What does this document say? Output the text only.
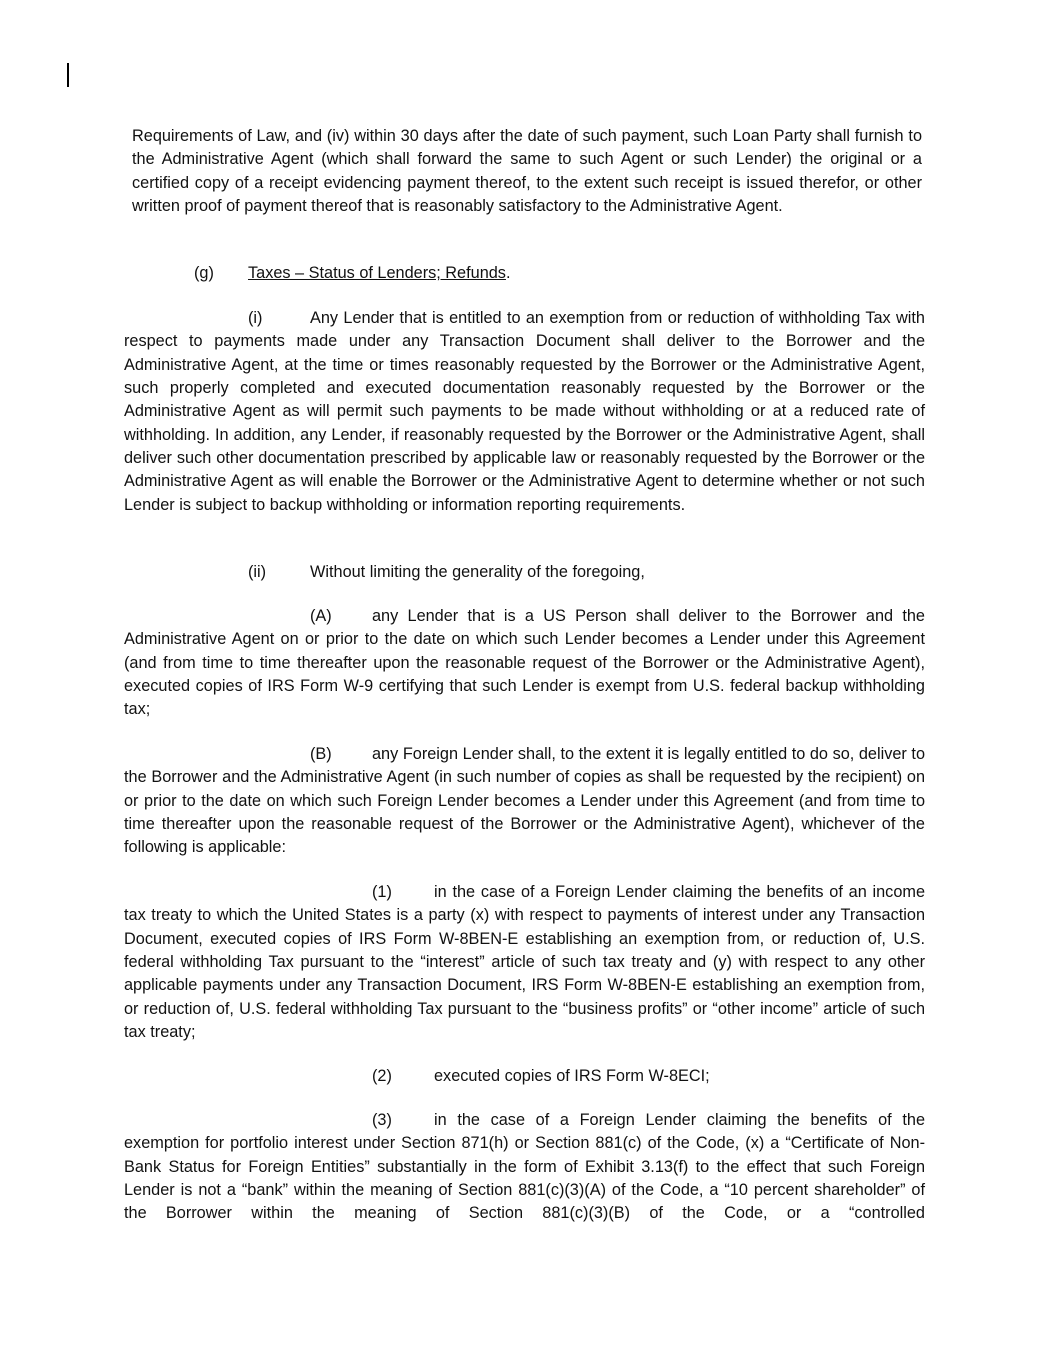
Requirements of Law, and (iv) within 30 days after the date of such payment, such Loan Party shall furnish to the Administrative Agent (which shall forward the same to such Agent or such Lender) the original or a certified copy of a receipt evidencing payment thereof, to the extent such receipt is issued therefor, or other written proof of payment thereof that is reasonably satisfactory to the Administrative Agent.

(g) Taxes – Status of Lenders; Refunds.

(i)	Any Lender that is entitled to an exemption from or reduction of withholding Tax with respect to payments made under any Transaction Document shall deliver to the Borrower and the Administrative Agent, at the time or times reasonably requested by the Borrower or the Administrative Agent, such properly completed and executed documentation reasonably requested by the Borrower or the Administrative Agent as will permit such payments to be made without withholding or at a reduced rate of withholding. In addition, any Lender, if reasonably requested by the Borrower or the Administrative Agent, shall deliver such other documentation prescribed by applicable law or reasonably requested by the Borrower or the Administrative Agent as will enable the Borrower or the Administrative Agent to determine whether or not such Lender is subject to backup withholding or information reporting requirements.

(ii)	Without limiting the generality of the foregoing,

(A) any Lender that is a US Person shall deliver to the Borrower and the Administrative Agent on or prior to the date on which such Lender becomes a Lender under this Agreement (and from time to time thereafter upon the reasonable request of the Borrower or the Administrative Agent), executed copies of IRS Form W-9 certifying that such Lender is exempt from U.S. federal backup withholding tax;

(B) any Foreign Lender shall, to the extent it is legally entitled to do so, deliver to the Borrower and the Administrative Agent (in such number of copies as shall be requested by the recipient) on or prior to the date on which such Foreign Lender becomes a Lender under this Agreement (and from time to time thereafter upon the reasonable request of the Borrower or the Administrative Agent), whichever of the following is applicable:

(1)	in the case of a Foreign Lender claiming the benefits of an income tax treaty to which the United States is a party (x) with respect to payments of interest under any Transaction Document, executed copies of IRS Form W-8BEN-E establishing an exemption from, or reduction of, U.S. federal withholding Tax pursuant to the “interest” article of such tax treaty and (y) with respect to any other applicable payments under any Transaction Document, IRS Form W-8BEN-E establishing an exemption from, or reduction of, U.S. federal withholding Tax pursuant to the “business profits” or “other income” article of such tax treaty;

(2)	executed copies of IRS Form W-8ECI;

(3)	in the case of a Foreign Lender claiming the benefits of the exemption for portfolio interest under Section 871(h) or Section 881(c) of the Code, (x) a “Certificate of Non-Bank Status for Foreign Entities” substantially in the form of Exhibit 3.13(f) to the effect that such Foreign Lender is not a “bank” within the meaning of Section 881(c)(3)(A) of the Code, a “10 percent shareholder” of the Borrower within the meaning of Section 881(c)(3)(B) of the Code, or a “controlled
